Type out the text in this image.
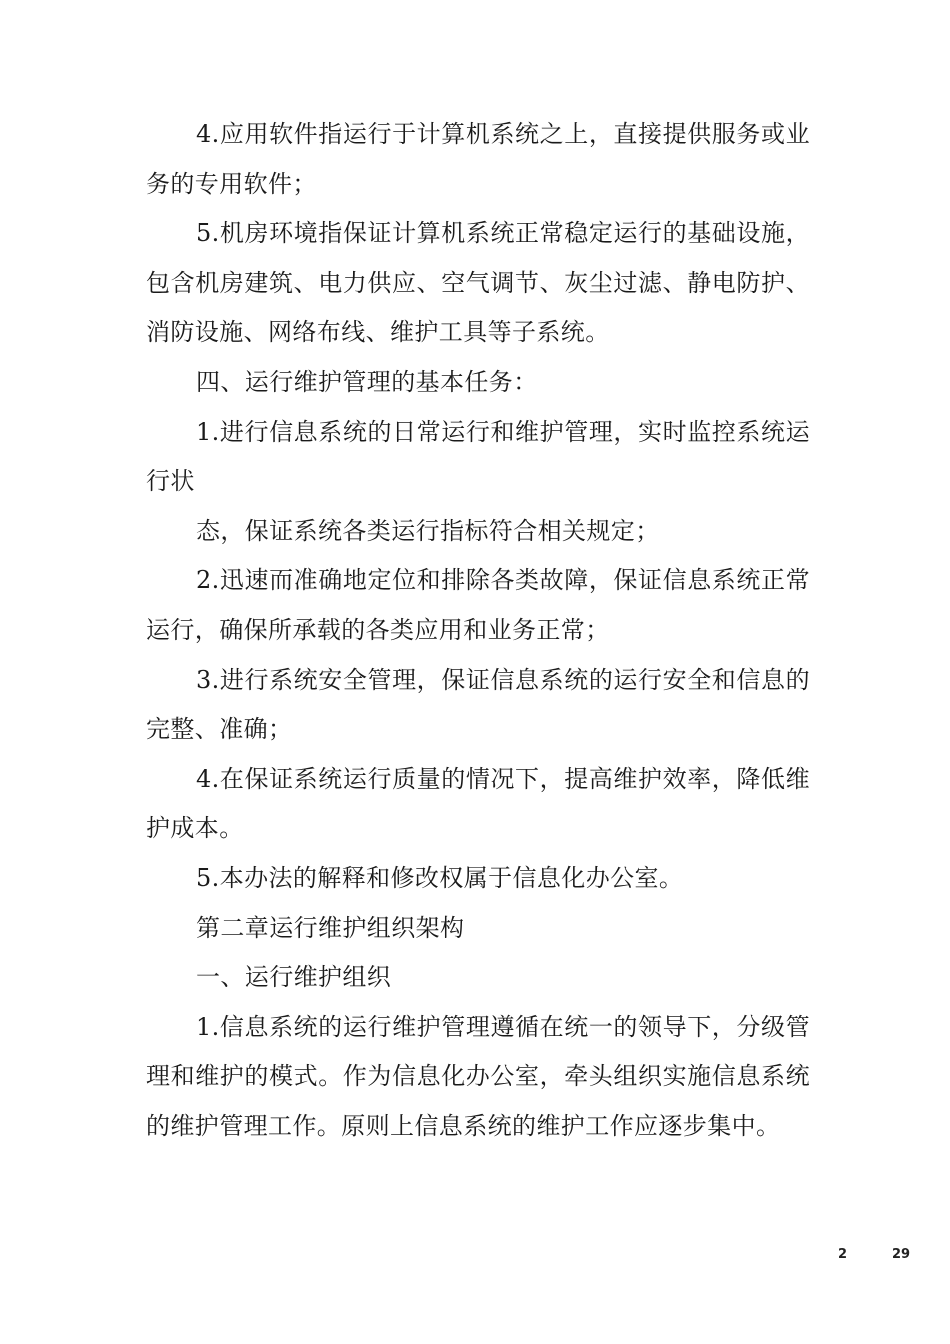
4.应用软件指运行于计算机系统之上，直接提供服务或业务的专用软件；

5.机房环境指保证计算机系统正常稳定运行的基础设施，包含机房建筑、电力供应、空气调节、灰尘过滤、静电防护、消防设施、网络布线、维护工具等子系统。

四、运行维护管理的基本任务：

1.进行信息系统的日常运行和维护管理，实时监控系统运行状

态，保证系统各类运行指标符合相关规定；

2.迅速而准确地定位和排除各类故障，保证信息系统正常运行，确保所承载的各类应用和业务正常；

3.进行系统安全管理，保证信息系统的运行安全和信息的完整、准确；

4.在保证系统运行质量的情况下，提高维护效率，降低维护成本。

5.本办法的解释和修改权属于信息化办公室。

第二章运行维护组织架构

一、运行维护组织

1.信息系统的运行维护管理遵循在统一的领导下，分级管理和维护的模式。作为信息化办公室，牵头组织实施信息系统的维护管理工作。原则上信息系统的维护工作应逐步集中。

2	29
